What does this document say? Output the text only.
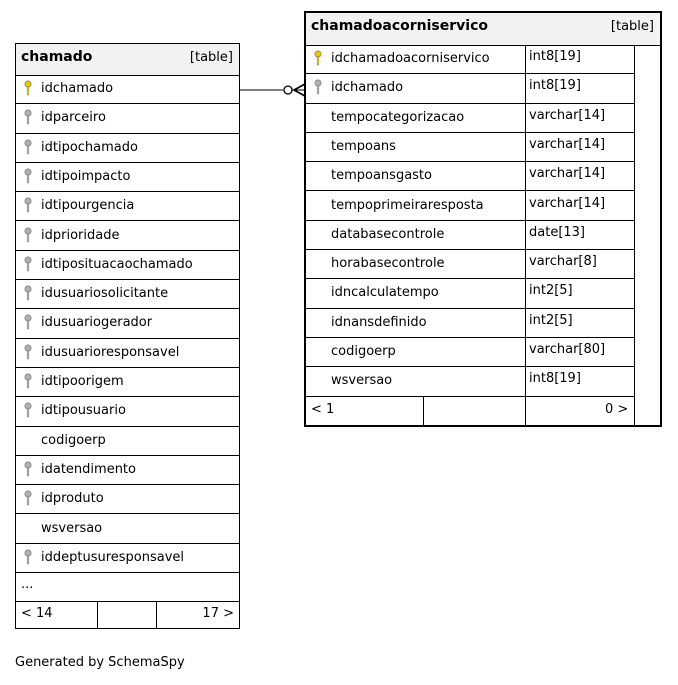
chamado	[table]
idchamado
idparceiro
idtipochamado
idtipoimpacto
idtipourgencia
idprioridade
idtiposituacaochamado
idusuariosolicitante
idusuariogerador
idusuarioresponsavel
idtipoorigem
idtipousuario
codigoerp
idatendimento
idproduto
wsversao
iddeptusuresponsavel
...
< 14	17 >
chamadoacorniservico	[table]
idchamadoacorniservico	int8[19]
idchamado	int8[19]
tempocategorizacao	varchar[14]
tempoans	varchar[14]
tempoansgasto	varchar[14]
tempoprimeiraresposta	varchar[14]
databasecontrole	date[13]
horabasecontrole	varchar[8]
idncalculatempo	int2[5]
idnansdefinido	int2[5]
codigoerp	varchar[80]
wsversao	int8[19]
< 1	0 >
Generated by SchemaSpy
